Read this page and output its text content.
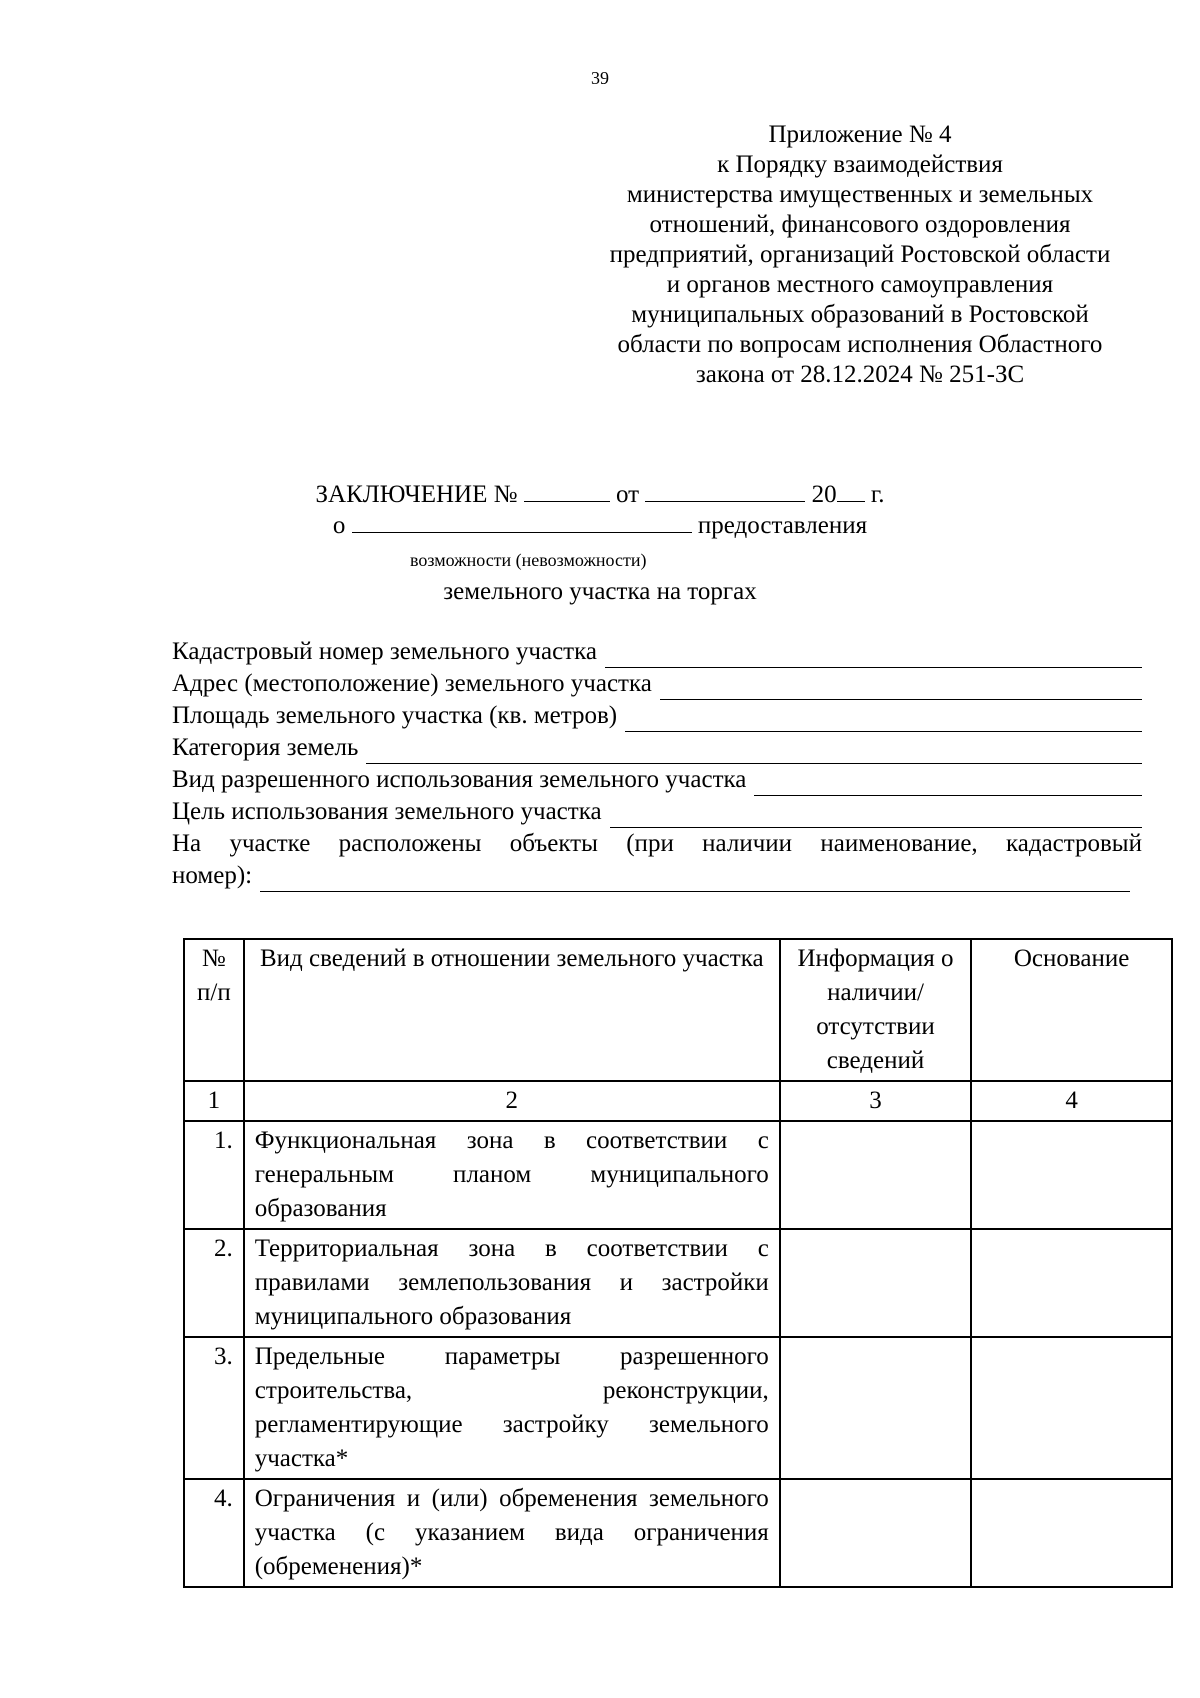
39
Приложение № 4
к Порядку взаимодействия
министерства имущественных и земельных
отношений, финансового оздоровления
предприятий, организаций Ростовской области
и органов местного самоуправления
муниципальных образований в Ростовской
области по вопросам исполнения Областного
закона от 28.12.2024 № 251-ЗС
ЗАКЛЮЧЕНИЕ №	от	20 г.
о	предоставления
возможности (невозможности)
земельного участка на торгах
Кадастровый номер земельного участка
Адрес (местоположение) земельного участка
Площадь земельного участка (кв. метров)
Категория земель
Вид разрешенного использования земельного участка
Цель использования земельного участка
На участке расположены объекты (при наличии наименование, кадастровый
номер):
№ п/п	Вид сведений в отношении земельного участка	Информация о наличии/ отсутствии сведений	Основание
1	2	3	4
1.	Функциональная зона в соответствии с генеральным планом муниципального образования		
2.	Территориальная зона в соответствии с правилами землепользования и застройки муниципального образования		
3.	Предельные параметры разрешенного строительства, реконструкции, регламентирующие застройку земельного участка*		
4.	Ограничения и (или) обременения земельного участка (с указанием вида ограничения (обременения)*		
